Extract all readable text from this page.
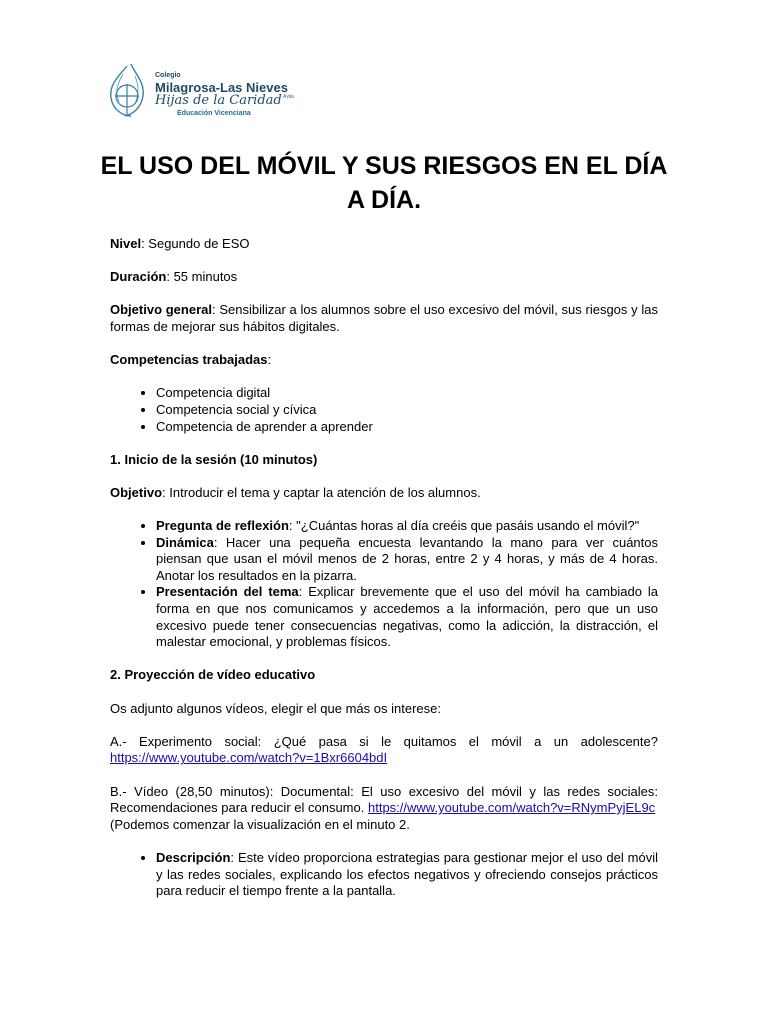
Colegio
Milagrosa-Las Nieves
Ávila
Hijas de la Caridad
Educación Vicenciana
EL USO DEL MÓVIL Y SUS RIESGOS EN EL DÍA A DÍA.

Nivel: Segundo de ESO

Duración: 55 minutos

Objetivo general: Sensibilizar a los alumnos sobre el uso excesivo del móvil, sus riesgos y las formas de mejorar sus hábitos digitales.

Competencias trabajadas:

• Competencia digital
• Competencia social y cívica
• Competencia de aprender a aprender

1. Inicio de la sesión (10 minutos)

Objetivo: Introducir el tema y captar la atención de los alumnos.

• Pregunta de reflexión: "¿Cuántas horas al día creéis que pasáis usando el móvil?"
• Dinámica: Hacer una pequeña encuesta levantando la mano para ver cuántos piensan que usan el móvil menos de 2 horas, entre 2 y 4 horas, y más de 4 horas. Anotar los resultados en la pizarra.
• Presentación del tema: Explicar brevemente que el uso del móvil ha cambiado la forma en que nos comunicamos y accedemos a la información, pero que un uso excesivo puede tener consecuencias negativas, como la adicción, la distracción, el malestar emocional, y problemas físicos.

2. Proyección de vídeo educativo

Os adjunto algunos vídeos, elegir el que más os interese:

A.- Experimento social: ¿Qué pasa si le quitamos el móvil a un adolescente? https://www.youtube.com/watch?v=1Bxr6604bdI

B.- Vídeo (28,50 minutos): Documental: El uso excesivo del móvil y las redes sociales: Recomendaciones para reducir el consumo. https://www.youtube.com/watch?v=RNymPyjEL9c
(Podemos comenzar la visualización en el minuto 2.

• Descripción: Este vídeo proporciona estrategias para gestionar mejor el uso del móvil y las redes sociales, explicando los efectos negativos y ofreciendo consejos prácticos para reducir el tiempo frente a la pantalla.
